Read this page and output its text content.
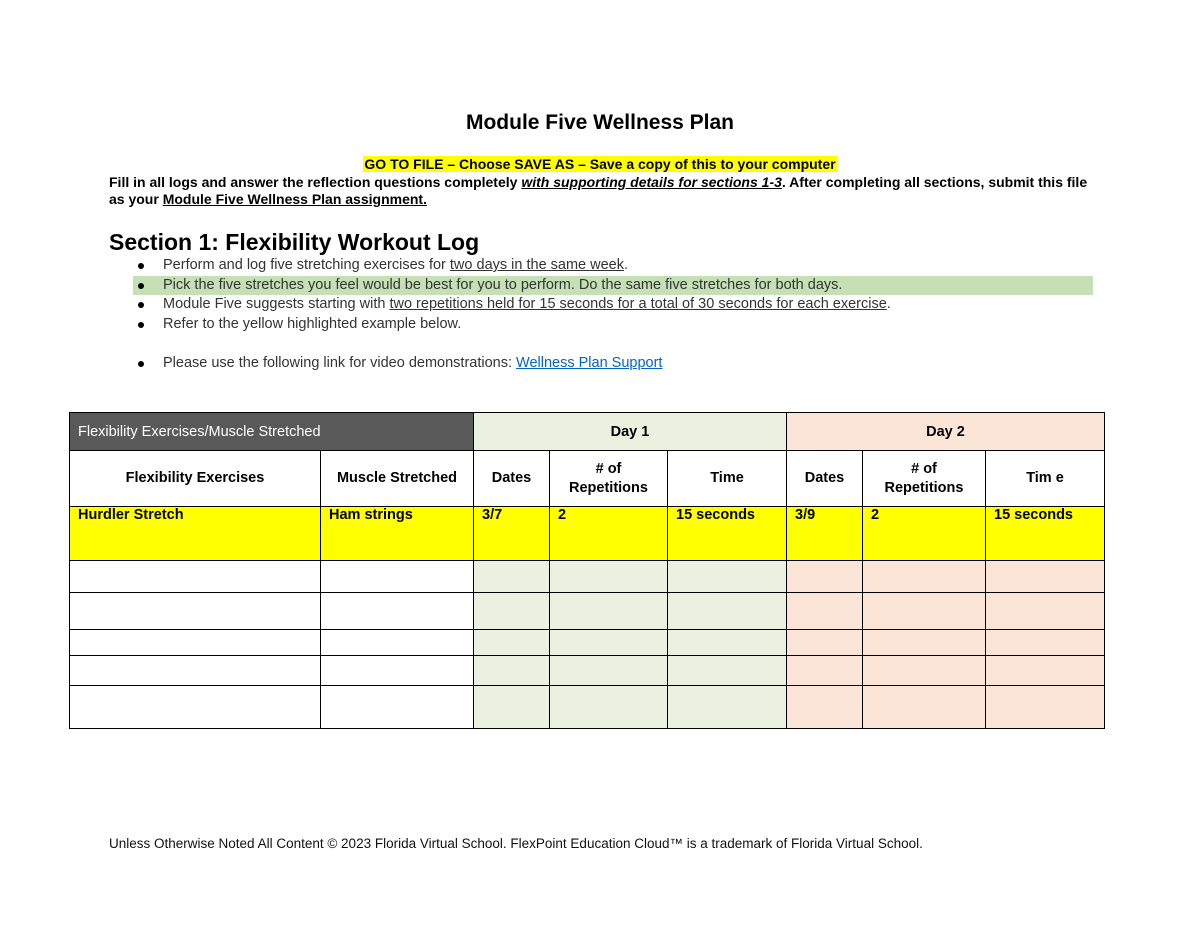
Module Five Wellness Plan
GO TO FILE – Choose SAVE AS – Save a copy of this to your computer
Fill in all logs and answer the reflection questions completely with supporting details for sections 1-3. After completing all sections, submit this file as your Module Five Wellness Plan assignment.
Section 1: Flexibility Workout Log
Perform and log five stretching exercises for two days in the same week.
Pick the five stretches you feel would be best for you to perform. Do the same five stretches for both days.
Module Five suggests starting with two repetitions held for 15 seconds for a total of 30 seconds for each exercise.
Refer to the yellow highlighted example below.
Please use the following link for video demonstrations: Wellness Plan Support
Flexibility Exercises/Muscle Stretched		Day 1			Day 2		
Flexibility Exercises	Muscle Stretched	Dates	# of Repetitions	Time	Dates	# of Repetitions	Tim e
Hurdler Stretch	Ham strings	3/7	2	15 seconds	3/9	2	15 seconds

Unless Otherwise Noted All Content © 2023 Florida Virtual School. FlexPoint Education Cloud™ is a trademark of Florida Virtual School.
